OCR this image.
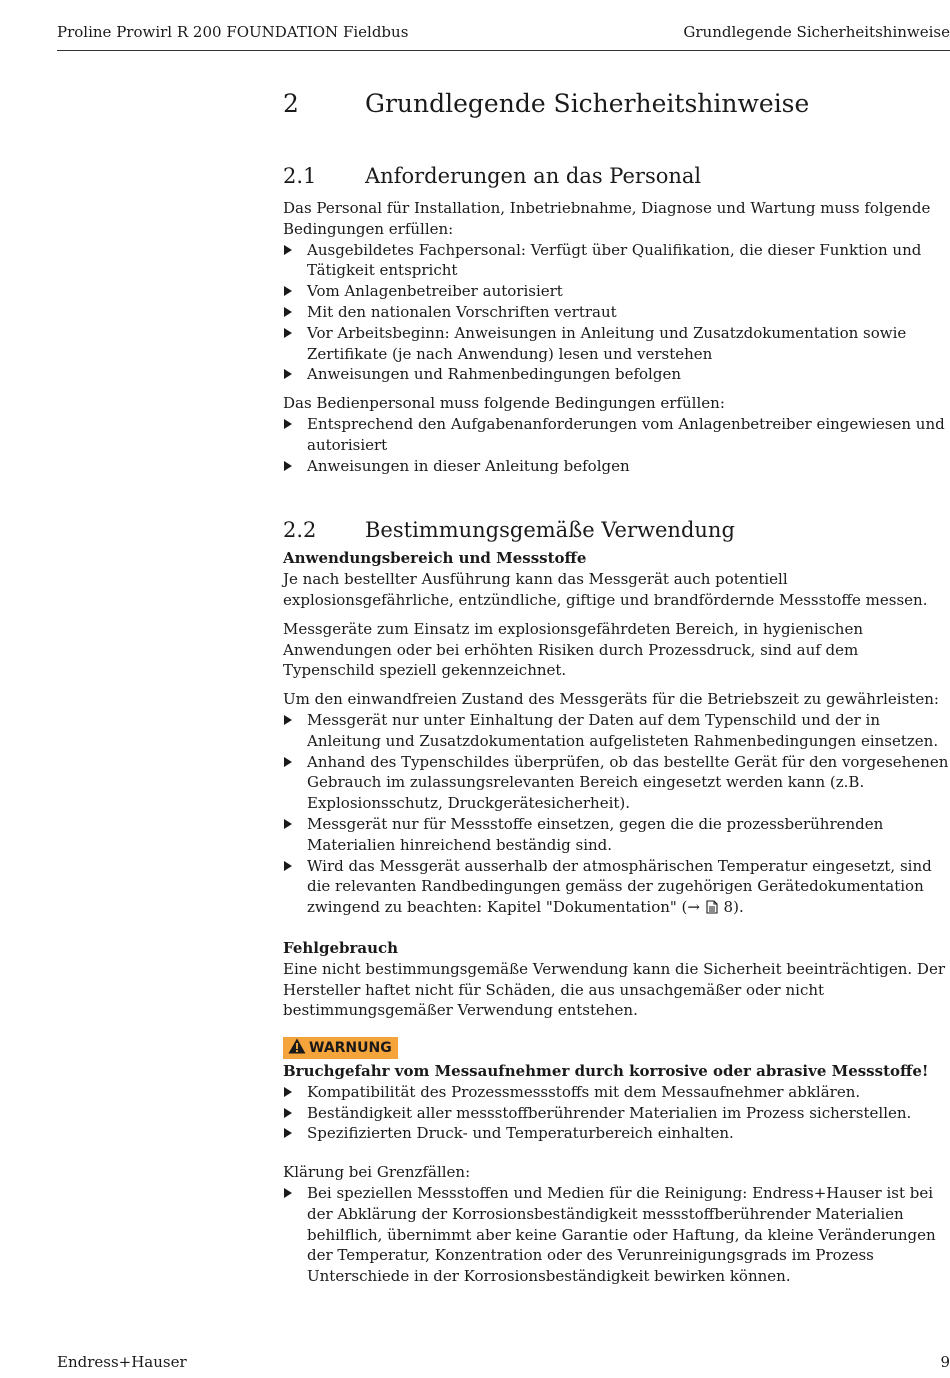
Proline Prowirl R 200 FOUNDATION Fieldbus	Grundlegende Sicherheitshinweise
2	Grundlegende Sicherheitshinweise
2.1 Anforderungen an das Personal

Das Personal für Installation, Inbetriebnahme, Diagnose und Wartung muss folgende Bedingungen erfüllen:

Ausgebildetes Fachpersonal: Verfügt über Qualifikation, die dieser Funktion und Tätigkeit entspricht
Vom Anlagenbetreiber autorisiert
Mit den nationalen Vorschriften vertraut
Vor Arbeitsbeginn: Anweisungen in Anleitung und Zusatzdokumentation sowie Zertifikate (je nach Anwendung) lesen und verstehen
Anweisungen und Rahmenbedingungen befolgen

Das Bedienpersonal muss folgende Bedingungen erfüllen:

Entsprechend den Aufgabenanforderungen vom Anlagenbetreiber eingewiesen und autorisiert
Anweisungen in dieser Anleitung befolgen
2.2 Bestimmungsgemäße Verwendung

Anwendungsbereich und Messstoffe

Je nach bestellter Ausführung kann das Messgerät auch potentiell explosionsgefährliche, entzündliche, giftige und brandfördernde Messstoffe messen.

Messgeräte zum Einsatz im explosionsgefährdeten Bereich, in hygienischen Anwendungen oder bei erhöhten Risiken durch Prozessdruck, sind auf dem Typenschild speziell gekennzeichnet.

Um den einwandfreien Zustand des Messgeräts für die Betriebszeit zu gewährleisten:

Messgerät nur unter Einhaltung der Daten auf dem Typenschild und der in Anleitung und Zusatzdokumentation aufgelisteten Rahmenbedingungen einsetzen.
Anhand des Typenschildes überprüfen, ob das bestellte Gerät für den vorgesehenen Gebrauch im zulassungsrelevanten Bereich eingesetzt werden kann (z.B. Explosionsschutz, Druckgerätesicherheit).
Messgerät nur für Messstoffe einsetzen, gegen die die prozessberührenden Materialien hinreichend beständig sind.
Wird das Messgerät ausserhalb der atmosphärischen Temperatur eingesetzt, sind die relevanten Randbedingungen gemäss der zugehörigen Gerätedokumentation zwingend zu beachten: Kapitel "Dokumentation" (→ 8).

Fehlgebrauch

Eine nicht bestimmungsgemäße Verwendung kann die Sicherheit beeinträchtigen. Der Hersteller haftet nicht für Schäden, die aus unsachgemäßer oder nicht bestimmungsgemäßer Verwendung entstehen.

WARNUNG

Bruchgefahr vom Messaufnehmer durch korrosive oder abrasive Messstoffe!

Kompatibilität des Prozessmessstoffs mit dem Messaufnehmer abklären.
Beständigkeit aller messstoffberührender Materialien im Prozess sicherstellen.
Spezifizierten Druck- und Temperaturbereich einhalten.

Klärung bei Grenzfällen:

Bei speziellen Messstoffen und Medien für die Reinigung: Endress+Hauser ist bei der Abklärung der Korrosionsbeständigkeit messstoffberührender Materialien behilflich, übernimmt aber keine Garantie oder Haftung, da kleine Veränderungen der Temperatur, Konzentration oder des Verunreinigungsgrads im Prozess Unterschiede in der Korrosionsbeständigkeit bewirken können.
Endress+Hauser	9
